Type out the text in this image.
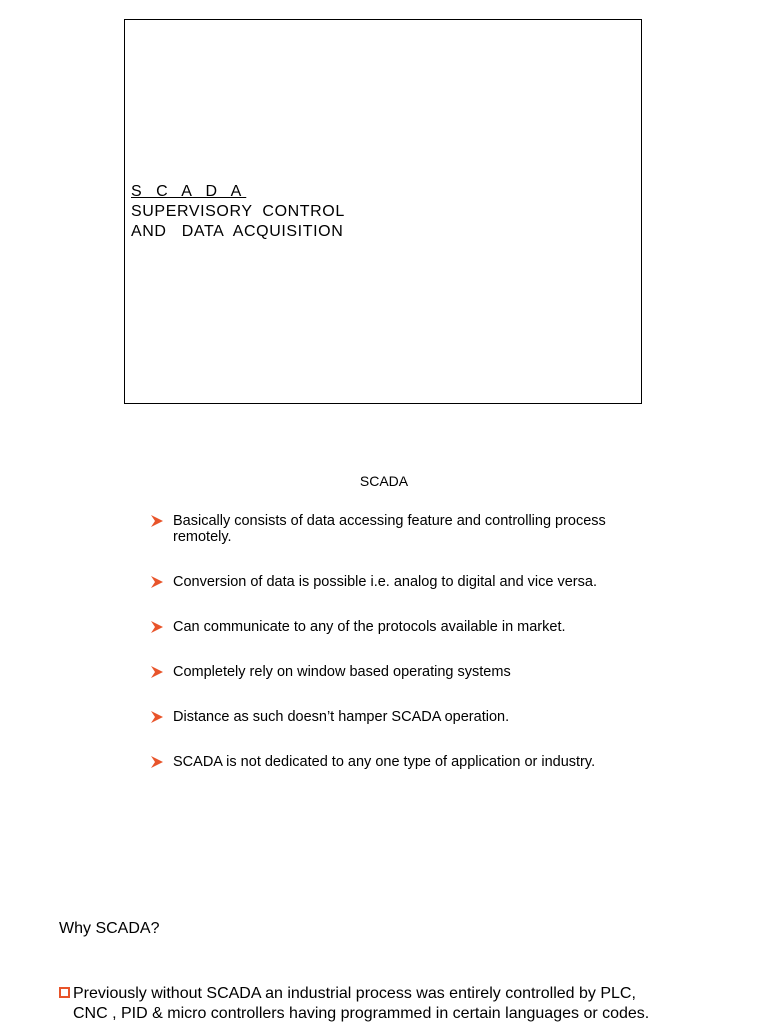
S C A D A
SUPERVISORY  CONTROL
AND   DATA  ACQUISITION
SCADA
Basically consists of data accessing feature and controlling process remotely.
Conversion of data is possible i.e. analog to digital and vice versa.
Can communicate to any of the protocols available in market.
Completely rely on window based operating systems
Distance as such doesn’t hamper SCADA operation.
SCADA is not dedicated to any one type of application or industry.
Why SCADA?
Previously without SCADA an industrial process was entirely controlled by PLC,
CNC , PID & micro controllers having programmed in certain languages or codes.
